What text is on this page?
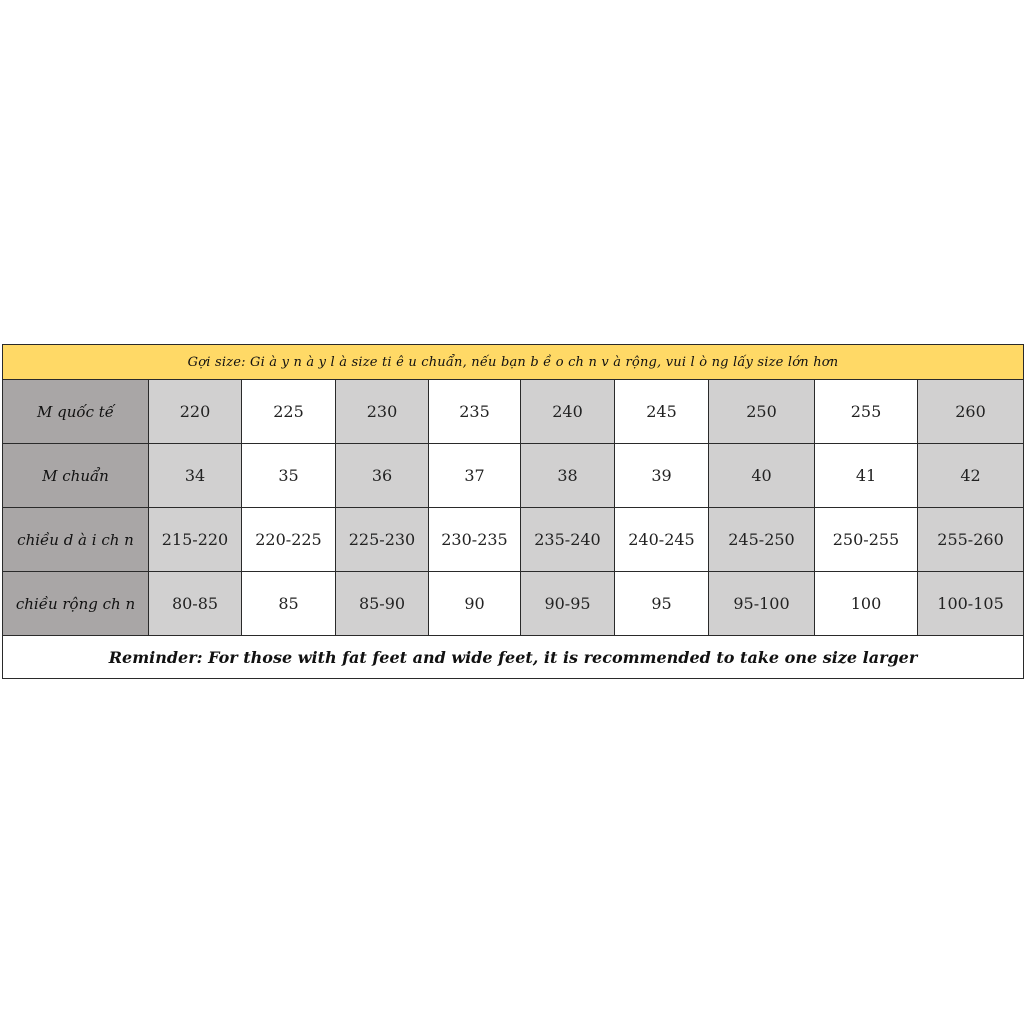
Gợi size: Gi à y n à y l à size ti ê u chuẩn, nếu bạn b ề o ch n v à rộng, vui l ò ng lấy size lớn hơn									
M quốc tế	220	225	230	235	240	245	250	255	260
M chuẩn	34	35	36	37	38	39	40	41	42
chiều d à i ch n	215-220	220-225	225-230	230-235	235-240	240-245	245-250	250-255	255-260
chiều rộng ch n	80-85	85	85-90	90	90-95	95	95-100	100	100-105
Reminder: For those with fat feet and wide feet, it is recommended to take one size larger									
